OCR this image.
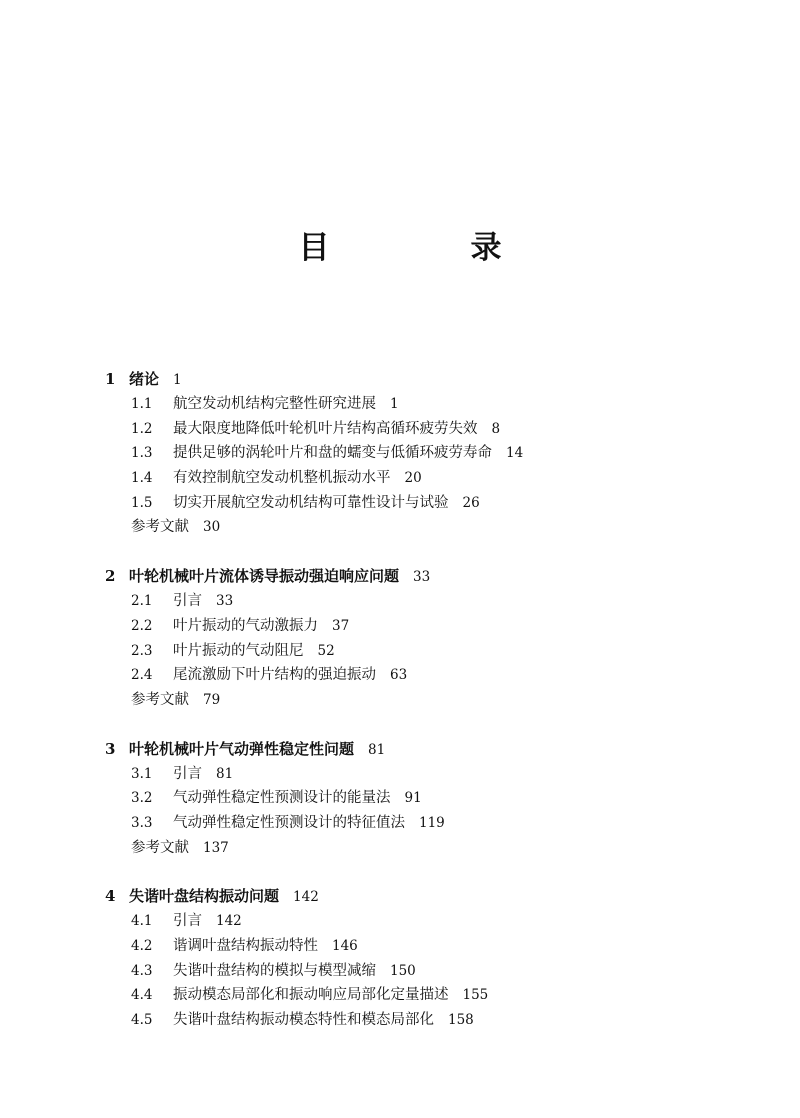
目　录
1 绪论 1
1.1 航空发动机结构完整性研究进展 1
1.2 最大限度地降低叶轮机叶片结构高循环疲劳失效 8
1.3 提供足够的涡轮叶片和盘的蠕变与低循环疲劳寿命 14
1.4 有效控制航空发动机整机振动水平 20
1.5 切实开展航空发动机结构可靠性设计与试验 26
参考文献 30
2 叶轮机械叶片流体诱导振动强迫响应问题 33
2.1 引言 33
2.2 叶片振动的气动激振力 37
2.3 叶片振动的气动阻尼 52
2.4 尾流激励下叶片结构的强迫振动 63
参考文献 79
3 叶轮机械叶片气动弹性稳定性问题 81
3.1 引言 81
3.2 气动弹性稳定性预测设计的能量法 91
3.3 气动弹性稳定性预测设计的特征值法 119
参考文献 137
4 失谐叶盘结构振动问题 142
4.1 引言 142
4.2 谐调叶盘结构振动特性 146
4.3 失谐叶盘结构的模拟与模型减缩 150
4.4 振动模态局部化和振动响应局部化定量描述 155
4.5 失谐叶盘结构振动模态特性和模态局部化 158
